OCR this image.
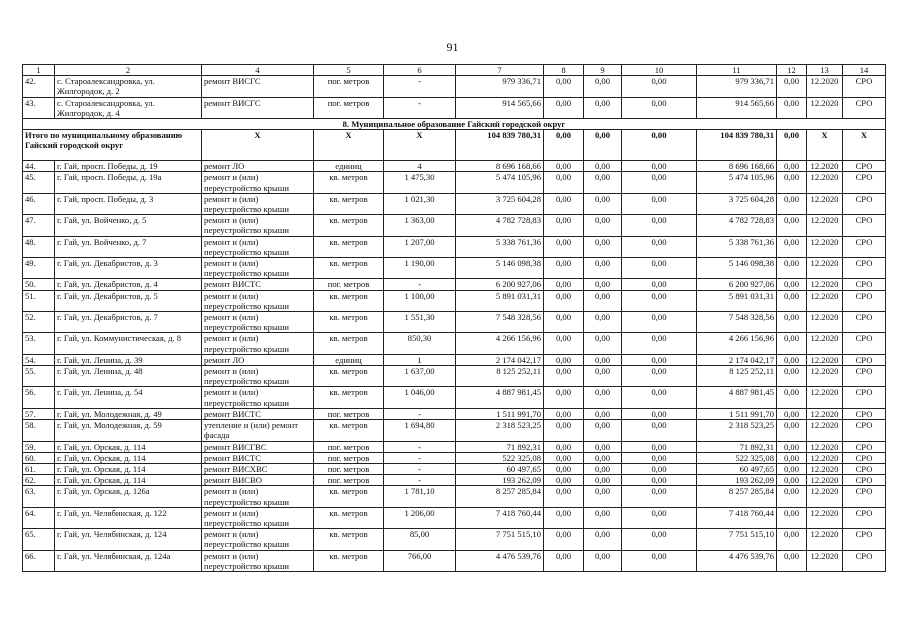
91
1	2	4	5	6	7	8	9	10	11	12	13	14
42.	с. Староалександровка, ул. Жилгородок, д. 2	ремонт ВИСГС	пог. метров	-	979 336,71	0,00	0,00	0,00	979 336,71	0,00	12.2020	СРО
43.	с. Староалександровка, ул. Жилгородок, д. 4	ремонт ВИСГС	пог. метров	-	914 565,66	0,00	0,00	0,00	914 565,66	0,00	12.2020	СРО
8. Муниципальное образование Гайский городской округ												
Итого по муниципальному образованию Гайский городской округ		Х	Х	Х	104 839 780,31	0,00	0,00	0,00	104 839 780,31	0,00	Х	Х
44.	г. Гай, просп. Победы, д. 19	ремонт ЛО	единиц	4	8 696 168,66	0,00	0,00	0,00	8 696 168,66	0,00	12.2020	СРО
45.	г. Гай, просп. Победы, д. 19а	ремонт и (или) переустройство крыши	кв. метров	1 475,30	5 474 105,96	0,00	0,00	0,00	5 474 105,96	0,00	12.2020	СРО
46.	г. Гай, просп. Победы, д. 3	ремонт и (или) переустройство крыши	кв. метров	1 021,30	3 725 604,28	0,00	0,00	0,00	3 725 604,28	0,00	12.2020	СРО
47.	г. Гай, ул. Войченко, д. 5	ремонт и (или) переустройство крыши	кв. метров	1 363,00	4 782 728,83	0,00	0,00	0,00	4 782 728,83	0,00	12.2020	СРО
48.	г. Гай, ул. Войченко, д. 7	ремонт и (или) переустройство крыши	кв. метров	1 207,00	5 338 761,36	0,00	0,00	0,00	5 338 761,36	0,00	12.2020	СРО
49.	г. Гай, ул. Декабристов, д. 3	ремонт и (или) переустройство крыши	кв. метров	1 190,00	5 146 098,38	0,00	0,00	0,00	5 146 098,38	0,00	12.2020	СРО
50.	г. Гай, ул. Декабристов, д. 4	ремонт ВИСТС	пог. метров	-	6 200 927,06	0,00	0,00	0,00	6 200 927,06	0,00	12.2020	СРО
51.	г. Гай, ул. Декабристов, д. 5	ремонт и (или) переустройство крыши	кв. метров	1 100,00	5 891 031,31	0,00	0,00	0,00	5 891 031,31	0,00	12.2020	СРО
52.	г. Гай, ул. Декабристов, д. 7	ремонт и (или) переустройство крыши	кв. метров	1 551,30	7 548 328,56	0,00	0,00	0,00	7 548 328,56	0,00	12.2020	СРО
53.	г. Гай, ул. Коммунистическая, д. 8	ремонт и (или) переустройство крыши	кв. метров	850,30	4 266 156,96	0,00	0,00	0,00	4 266 156,96	0,00	12.2020	СРО
54.	г. Гай, ул. Ленина, д. 39	ремонт ЛО	единиц	1	2 174 042,17	0,00	0,00	0,00	2 174 042,17	0,00	12.2020	СРО
55.	г. Гай, ул. Ленина, д. 48	ремонт и (или) переустройство крыши	кв. метров	1 637,00	8 125 252,11	0,00	0,00	0,00	8 125 252,11	0,00	12.2020	СРО
56.	г. Гай, ул. Ленина, д. 54	ремонт и (или) переустройство крыши	кв. метров	1 046,00	4 887 981,45	0,00	0,00	0,00	4 887 981,45	0,00	12.2020	СРО
57.	г. Гай, ул. Молодежная, д. 49	ремонт ВИСТС	пог. метров	-	1 511 991,70	0,00	0,00	0,00	1 511 991,70	0,00	12.2020	СРО
58.	г. Гай, ул. Молодежная, д. 59	утепление и (или) ремонт фасада	кв. метров	1 694,80	2 318 523,25	0,00	0,00	0,00	2 318 523,25	0,00	12.2020	СРО
59.	г. Гай, ул. Орская, д. 114	ремонт ВИСГВС	пог. метров	-	71 892,31	0,00	0,00	0,00	71 892,31	0,00	12.2020	СРО
60.	г. Гай, ул. Орская, д. 114	ремонт ВИСТС	пог. метров	-	522 325,08	0,00	0,00	0,00	522 325,08	0,00	12.2020	СРО
61.	г. Гай, ул. Орская, д. 114	ремонт ВИСХВС	пог. метров	-	60 497,65	0,00	0,00	0,00	60 497,65	0,00	12.2020	СРО
62.	г. Гай, ул. Орская, д. 114	ремонт ВИСВО	пог. метров	-	193 262,09	0,00	0,00	0,00	193 262,09	0,00	12.2020	СРО
63.	г. Гай, ул. Орская, д. 126а	ремонт и (или) переустройство крыши	кв. метров	1 781,10	8 257 285,84	0,00	0,00	0,00	8 257 285,84	0,00	12.2020	СРО
64.	г. Гай, ул. Челябинская, д. 122	ремонт и (или) переустройство крыши	кв. метров	1 206,00	7 418 760,44	0,00	0,00	0,00	7 418 760,44	0,00	12.2020	СРО
65.	г. Гай, ул. Челябинская, д. 124	ремонт и (или) переустройство крыши	кв. метров	85,00	7 751 515,10	0,00	0,00	0,00	7 751 515,10	0,00	12.2020	СРО
66.	г. Гай, ул. Челябинская, д. 124а	ремонт и (или) переустройство крыши	кв. метров	766,00	4 476 539,76	0,00	0,00	0,00	4 476 539,76	0,00	12.2020	СРО
